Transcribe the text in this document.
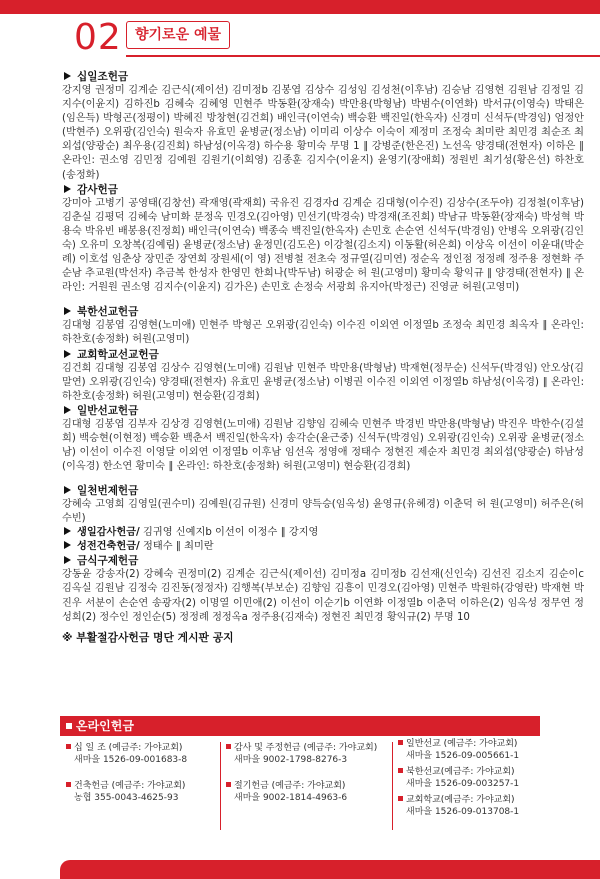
02 향기로운 예물
십일조헌금
강지영 권정미 김계순 김근식(제이선) 김미정b 김봉엽 김상수 김성임 김성천(이후남) 김승남 김영현 김원남 김정일 김지수(이윤지) 김하진b 김혜숙 김혜영 민현주 박동환(장재숙) 박만용(박형남) 박범수(이연화) 박서규(이영숙) 박태은(임은득) 박형곤(정평이) 박혜진 방창현(김건희) 배인극(이연숙) 백승환 백진일(한옥자) 신경미 신석두(박경임) 엄정안(박현주) 오위광(김인숙) 원숙자 유효민 윤병균(정소남) 이미리 이상수 이숙이 제정미 조정숙 최미란 최민경 최순조 최외섭(양광순) 최우용(김진희) 하남성(이옥경) 하수용 황미숙 무명 1 ∥ 강병준(한은진) 노선옥 양경태(전현자) 이하은 ∥ 온라인: 권소영 김민정 김예원 김원기(이희영) 김종훈 김지수(이윤지) 윤영기(장애희) 정원빈 최기성(황은선) 하찬호(송정화)
감사헌금
강미아 고병기 공영태(김창선) 곽재영(곽재희) 국유진 김경자d 김계순 김대형(이수진) 김상수(조두야) 김정철(이후남) 김춘실 김평덕 김혜숙 남미화 문정옥 민경오(김아영) 민선기(박경숙) 박경재(조진희) 박남규 박동환(장재숙) 박성혁 박용숙 박유빈 배봉용(진정희) 배인극(이연숙) 백종숙 백진일(한옥자) 손민호 손순연 신석두(박경임) 안병옥 오위광(김인숙) 오유미 오창복(김예림) 윤병균(정소남) 윤정민(김도은) 이강철(김소지) 이동활(허은희) 이상옥 이선이 이윤대(박순례) 이호섭 임춘상 장민준 장연희 장원세(이 영) 전병철 전초숙 정규열(김미연) 정순옥 정인점 정정례 정주용 정현화 주순남 추교원(박선자) 추금복 한성자 한영민 한희나(박두남) 허광순 허 원(고영미) 황미숙 황익규 ∥ 양경태(전현자) ∥ 온라인: 거원원 권소영 김지수(이윤지) 김가은) 손민호 손정숙 서광희 유지아(박정근) 진영균 허원(고영미)
북한선교헌금
김대형 김봉엽 김영현(노미애) 민현주 박형곤 오위광(김인숙) 이수진 이외연 이정열b 조정숙 최민경 최옥자 ∥ 온라인: 하찬호(송정화) 허원(고영미)
교회학교선교헌금
김건희 김대형 김봉엽 김상수 김영현(노미애) 김원남 민현주 박만용(박형남) 박재현(정무순) 신석두(박경임) 안오상(김말연) 오위광(김인숙) 양경태(전현자) 유효민 윤병균(정소남) 이병권 이수진 이외연 이정열b 하남성(이옥경) ∥ 온라인: 하찬호(송정화) 허원(고영미) 현승환(김경희)
일반선교헌금
김대형 김봉엽 김부자 김상경 김영현(노미애) 김원남 김향임 김혜숙 민현주 박경빈 박만용(박형남) 박진우 박한수(김설희) 백승현(이현정) 백승환 백춘서 백진일(한옥자) 송각순(윤근중) 신석두(박경임) 오위광(김인숙) 오위광 윤병균(정소남) 이선이 이수진 이영달 이외연 이정열b 이후남 임선옥 정영애 정태수 정현진 제순자 최민경 최외섭(양광순) 하남성(이옥경) 한소연 황미숙 ∥ 온라인: 하찬호(송정화) 허원(고영미) 현승환(김경희)
일천번제헌금
강혜숙 고영희 김영일(권수미) 김예원(김규원) 신경미 양득승(임옥성) 윤영규(유혜경) 이춘덕 허 원(고영미) 허주은(허수빈)
생일감사헌금/ 김귀영 신예지b 이선이 이정수 ∥ 강지영
성전건축헌금/ 정태수 ∥ 최미란
금식구제헌금
강동윤 강송자(2) 강혜숙 권정미(2) 김계순 김근식(제이선) 김미정a 김미정b 김선재(신인숙) 김선진 김소지 김순이c 김옥실 김원남 김정숙 김진동(정정자) 김행복(부보순) 김향임 김흥이 민경오(김아영) 민현주 박원하(강영란) 박재현 박진우 서분이 손순연 송광자(2) 이명열 이민애(2) 이선이 이순기b 이연화 이정열b 이춘덕 이하은(2) 임옥성 정무연 정성희(2) 정수인 정인순(5) 정정례 정정옥a 정주용(김재숙) 정현진 최민경 황익규(2) 무명 10
※ 부활절감사헌금 명단 게시판 공지
온라인헌금
십 일 조 (예금주: 가야교회)
새마을 1526-09-001683-8
건축헌금 (예금주: 가야교회)
농협 355-0043-4625-93
감사 및 주정헌금 (예금주: 가야교회)
새마을 9002-1798-8276-3
절기헌금 (예금주: 가야교회)
새마을 9002-1814-4963-6
일반선교 (예금주: 가야교회)
새마을 1526-09-005661-1
북한선교(예금주: 가야교회)
새마을 1526-09-003257-1
교회학교(예금주: 가야교회)
새마을 1526-09-013708-1
